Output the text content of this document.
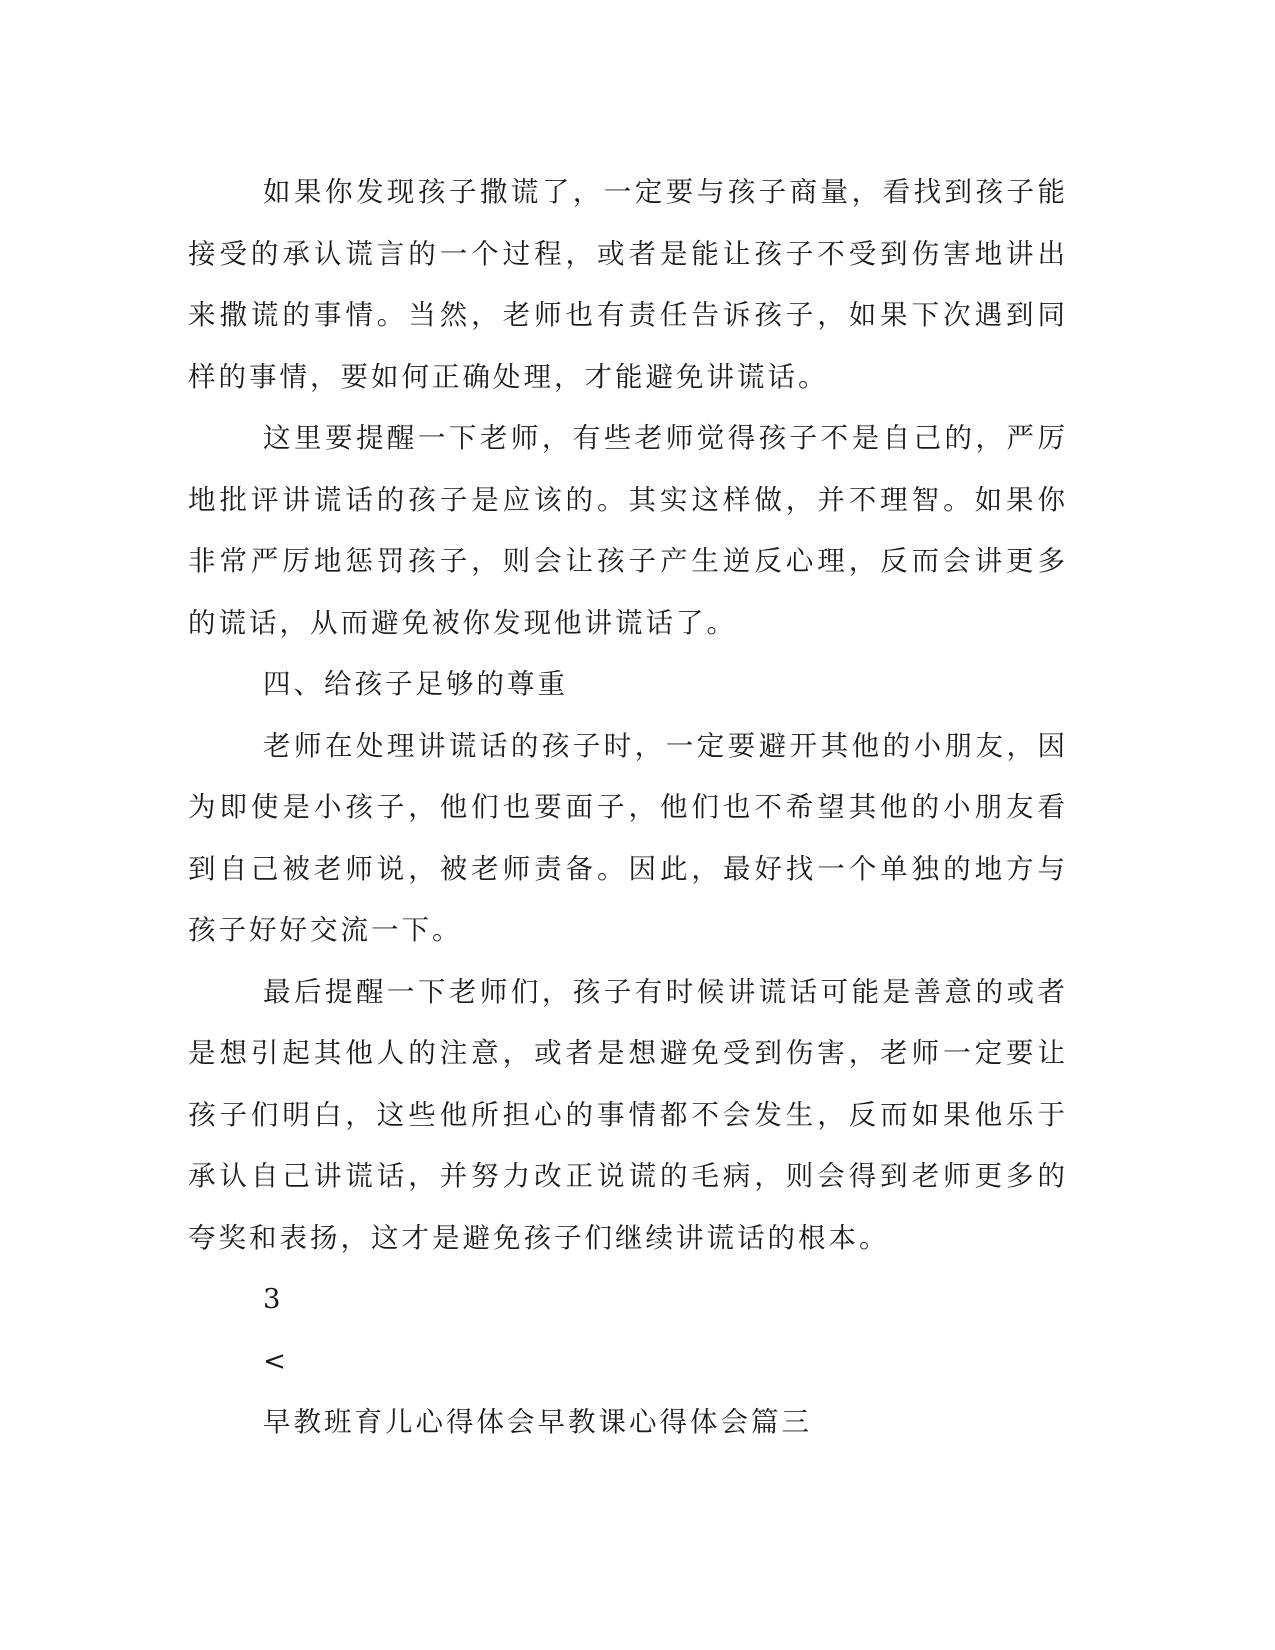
如果你发现孩子撒谎了，一定要与孩子商量，看找到孩子能接受的承认谎言的一个过程，或者是能让孩子不受到伤害地讲出来撒谎的事情。当然，老师也有责任告诉孩子，如果下次遇到同样的事情，要如何正确处理，才能避免讲谎话。

这里要提醒一下老师，有些老师觉得孩子不是自己的，严厉地批评讲谎话的孩子是应该的。其实这样做，并不理智。如果你非常严厉地惩罚孩子，则会让孩子产生逆反心理，反而会讲更多的谎话，从而避免被你发现他讲谎话了。

四、给孩子足够的尊重

老师在处理讲谎话的孩子时，一定要避开其他的小朋友，因为即使是小孩子，他们也要面子，他们也不希望其他的小朋友看到自己被老师说，被老师责备。因此，最好找一个单独的地方与孩子好好交流一下。

最后提醒一下老师们，孩子有时候讲谎话可能是善意的或者是想引起其他人的注意，或者是想避免受到伤害，老师一定要让孩子们明白，这些他所担心的事情都不会发生，反而如果他乐于承认自己讲谎话，并努力改正说谎的毛病，则会得到老师更多的夸奖和表扬，这才是避免孩子们继续讲谎话的根本。

3

<

早教班育儿心得体会早教课心得体会篇三
